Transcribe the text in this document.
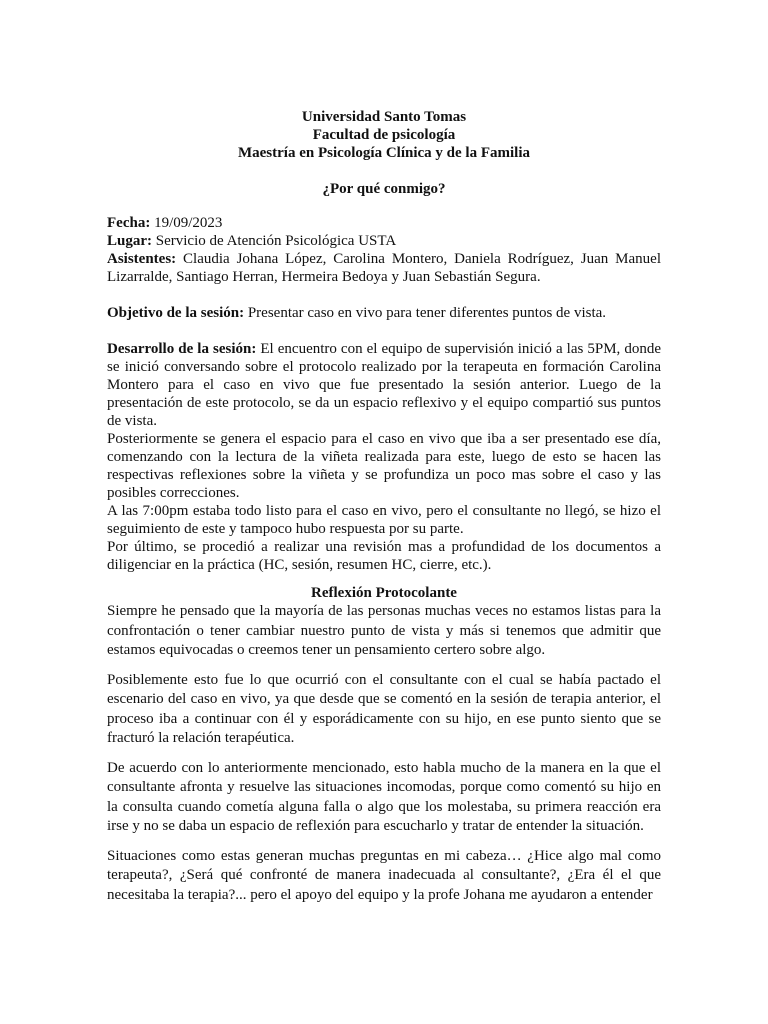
Universidad Santo Tomas
Facultad de psicología
Maestría en Psicología Clínica y de la Familia
¿Por qué conmigo?
Fecha: 19/09/2023
Lugar: Servicio de Atención Psicológica USTA
Asistentes: Claudia Johana López, Carolina Montero, Daniela Rodríguez, Juan Manuel Lizarralde, Santiago Herran, Hermeira Bedoya y Juan Sebastián Segura.
Objetivo de la sesión: Presentar caso en vivo para tener diferentes puntos de vista.
Desarrollo de la sesión: El encuentro con el equipo de supervisión inició a las 5PM, donde se inició conversando sobre el protocolo realizado por la terapeuta en formación Carolina Montero para el caso en vivo que fue presentado la sesión anterior. Luego de la presentación de este protocolo, se da un espacio reflexivo y el equipo compartió sus puntos de vista.
Posteriormente se genera el espacio para el caso en vivo que iba a ser presentado ese día, comenzando con la lectura de la viñeta realizada para este, luego de esto se hacen las respectivas reflexiones sobre la viñeta y se profundiza un poco mas sobre el caso y las posibles correcciones.
A las 7:00pm estaba todo listo para el caso en vivo, pero el consultante no llegó, se hizo el seguimiento de este y tampoco hubo respuesta por su parte.
Por último, se procedió a realizar una revisión mas a profundidad de los documentos a diligenciar en la práctica (HC, sesión, resumen HC, cierre, etc.).
Reflexión Protocolante

Siempre he pensado que la mayoría de las personas muchas veces no estamos listas para la confrontación o tener cambiar nuestro punto de vista y más si tenemos que admitir que estamos equivocadas o creemos tener un pensamiento certero sobre algo.

Posiblemente esto fue lo que ocurrió con el consultante con el cual se había pactado el escenario del caso en vivo, ya que desde que se comentó en la sesión de terapia anterior, el proceso iba a continuar con él y esporádicamente con su hijo, en ese punto siento que se fracturó la relación terapéutica.

De acuerdo con lo anteriormente mencionado, esto habla mucho de la manera en la que el consultante afronta y resuelve las situaciones incomodas, porque como comentó su hijo en la consulta cuando cometía alguna falla o algo que los molestaba, su primera reacción era irse y no se daba un espacio de reflexión para escucharlo y tratar de entender la situación.

Situaciones como estas generan muchas preguntas en mi cabeza… ¿Hice algo mal como terapeuta?, ¿Será qué confronté de manera inadecuada al consultante?, ¿Era él el que necesitaba la terapia?... pero el apoyo del equipo y la profe Johana me ayudaron a entender
